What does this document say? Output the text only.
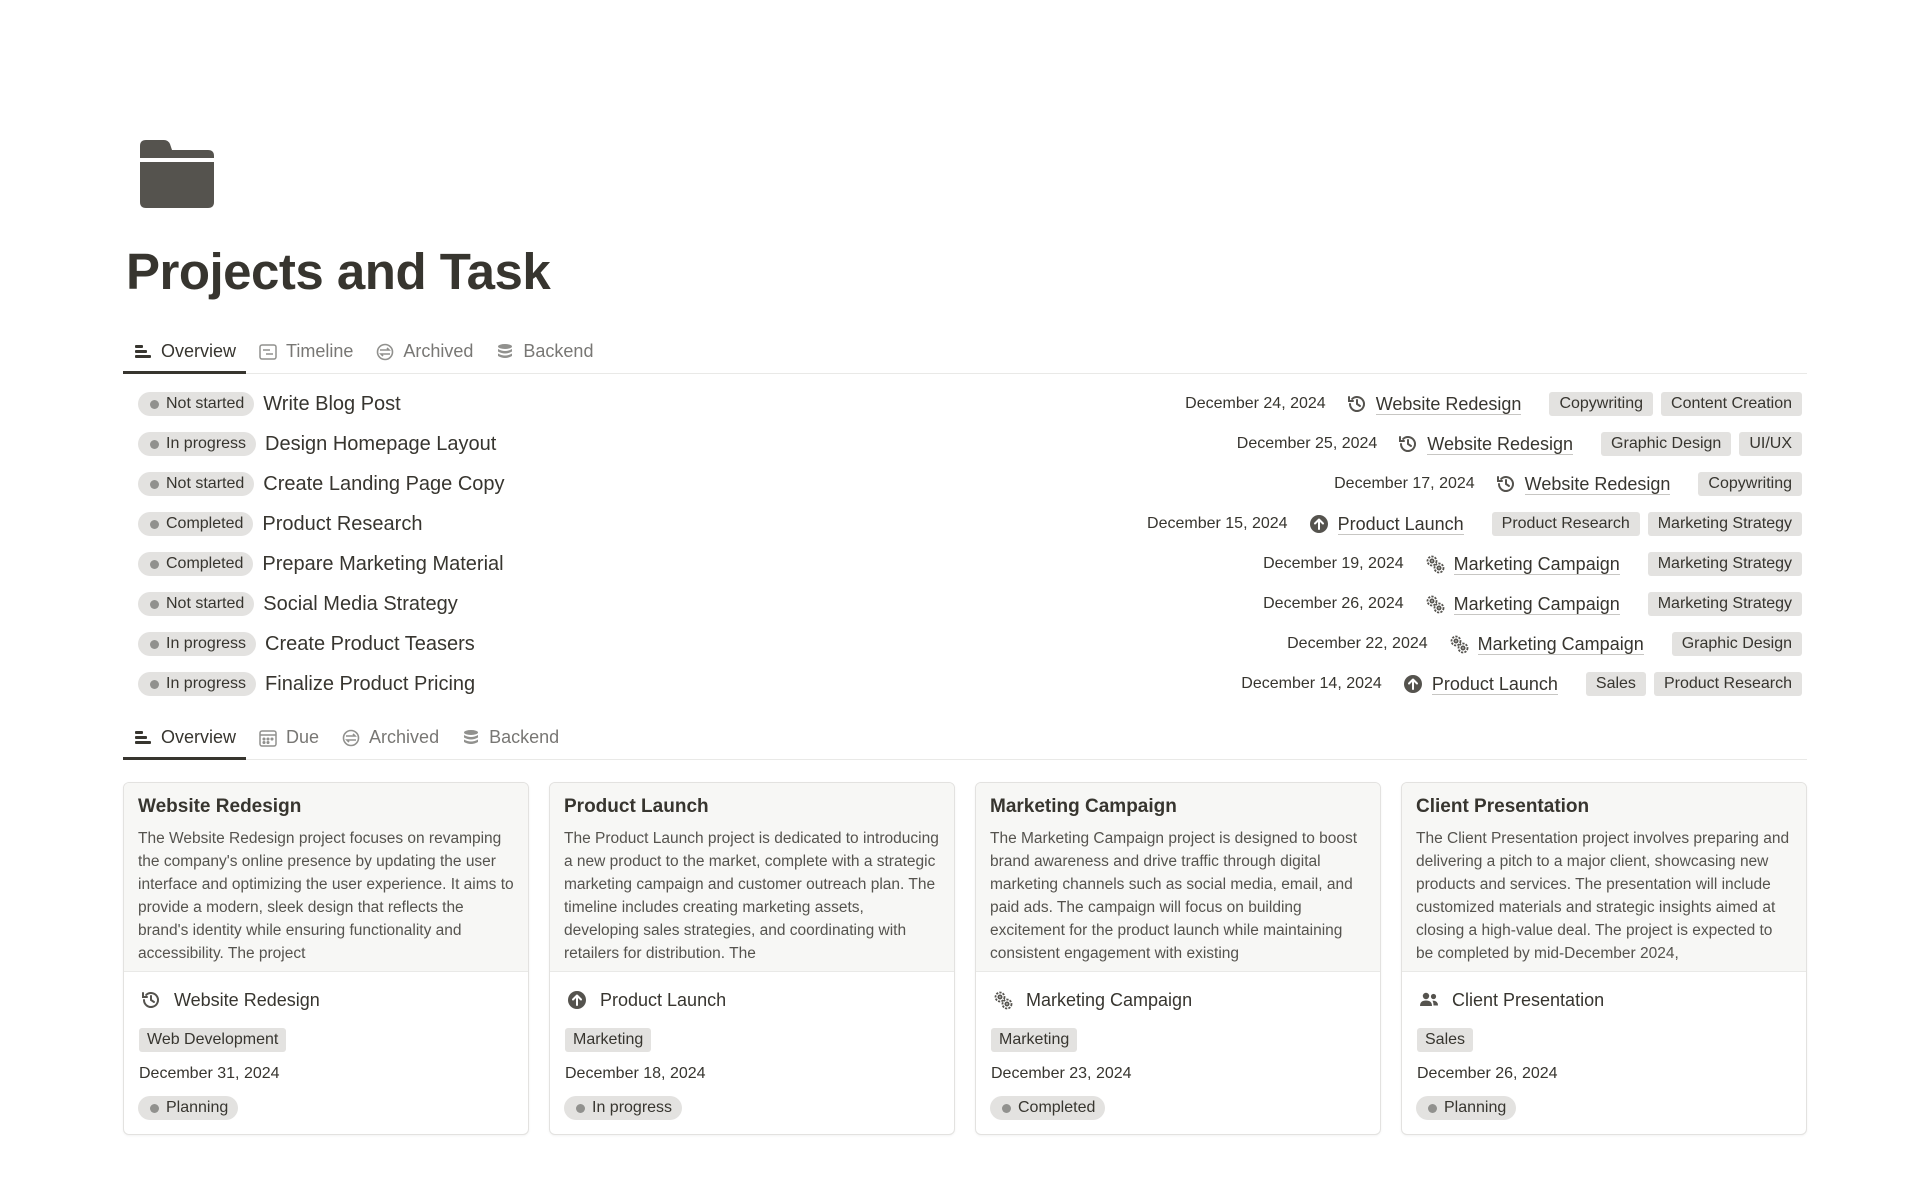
Projects and Task
Overview	Timeline	Archived	Backend
Not started Write Blog Post	December 24, 2024	Website Redesign	Copywriting	Content Creation
In progress Design Homepage Layout	December 25, 2024	Website Redesign	Graphic Design	UI/UX
Not started Create Landing Page Copy	December 17, 2024	Website Redesign	Copywriting
Completed Product Research	December 15, 2024	Product Launch	Product Research	Marketing Strategy
Completed Prepare Marketing Material	December 19, 2024	Marketing Campaign	Marketing Strategy
Not started Social Media Strategy	December 26, 2024	Marketing Campaign	Marketing Strategy
In progress Create Product Teasers	December 22, 2024	Marketing Campaign	Graphic Design
In progress Finalize Product Pricing	December 14, 2024	Product Launch	Sales	Product Research
Overview	Due	Archived	Backend
Website Redesign
The Website Redesign project focuses on revamping the company's online presence by updating the user interface and optimizing the user experience. It aims to provide a modern, sleek design that reflects the brand's identity while ensuring functionality and accessibility. The project
Website Redesign
Web Development
December 31, 2024
Planning
Product Launch
The Product Launch project is dedicated to introducing a new product to the market, complete with a strategic marketing campaign and customer outreach plan. The timeline includes creating marketing assets, developing sales strategies, and coordinating with retailers for distribution. The
Product Launch
Marketing
December 18, 2024
In progress
Marketing Campaign
The Marketing Campaign project is designed to boost brand awareness and drive traffic through digital marketing channels such as social media, email, and paid ads. The campaign will focus on building excitement for the product launch while maintaining consistent engagement with existing
Marketing Campaign
Marketing
December 23, 2024
Completed
Client Presentation
The Client Presentation project involves preparing and delivering a pitch to a major client, showcasing new products and services. The presentation will include customized materials and strategic insights aimed at closing a high-value deal. The project is expected to be completed by mid-December 2024,
Client Presentation
Sales
December 26, 2024
Planning
